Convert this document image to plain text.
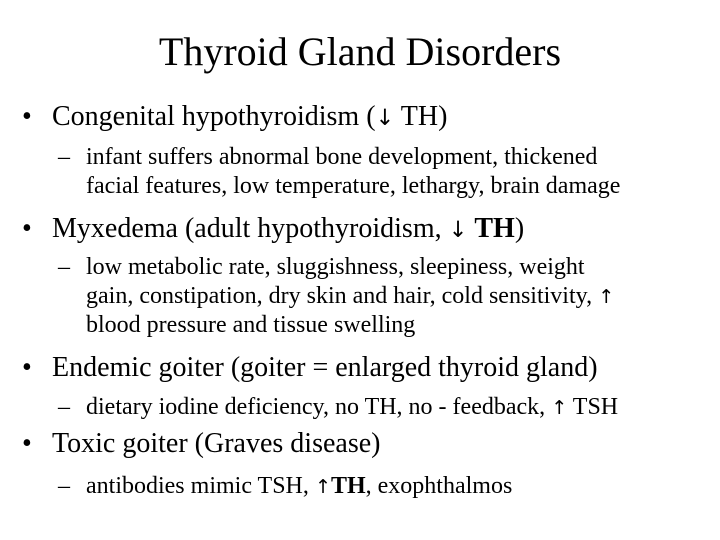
Thyroid Gland Disorders
• Congenital hypothyroidism (↓ TH)
– infant suffers abnormal bone development, thickened
facial features, low temperature, lethargy, brain damage
• Myxedema (adult hypothyroidism, ↓ TH)
– low metabolic rate, sluggishness, sleepiness, weight
gain, constipation, dry skin and hair, cold sensitivity, ↑
blood pressure and tissue swelling
• Endemic goiter (goiter = enlarged thyroid gland)
– dietary iodine deficiency, no TH, no - feedback, ↑ TSH
• Toxic goiter (Graves disease)
– antibodies mimic TSH, ↑TH, exophthalmos
